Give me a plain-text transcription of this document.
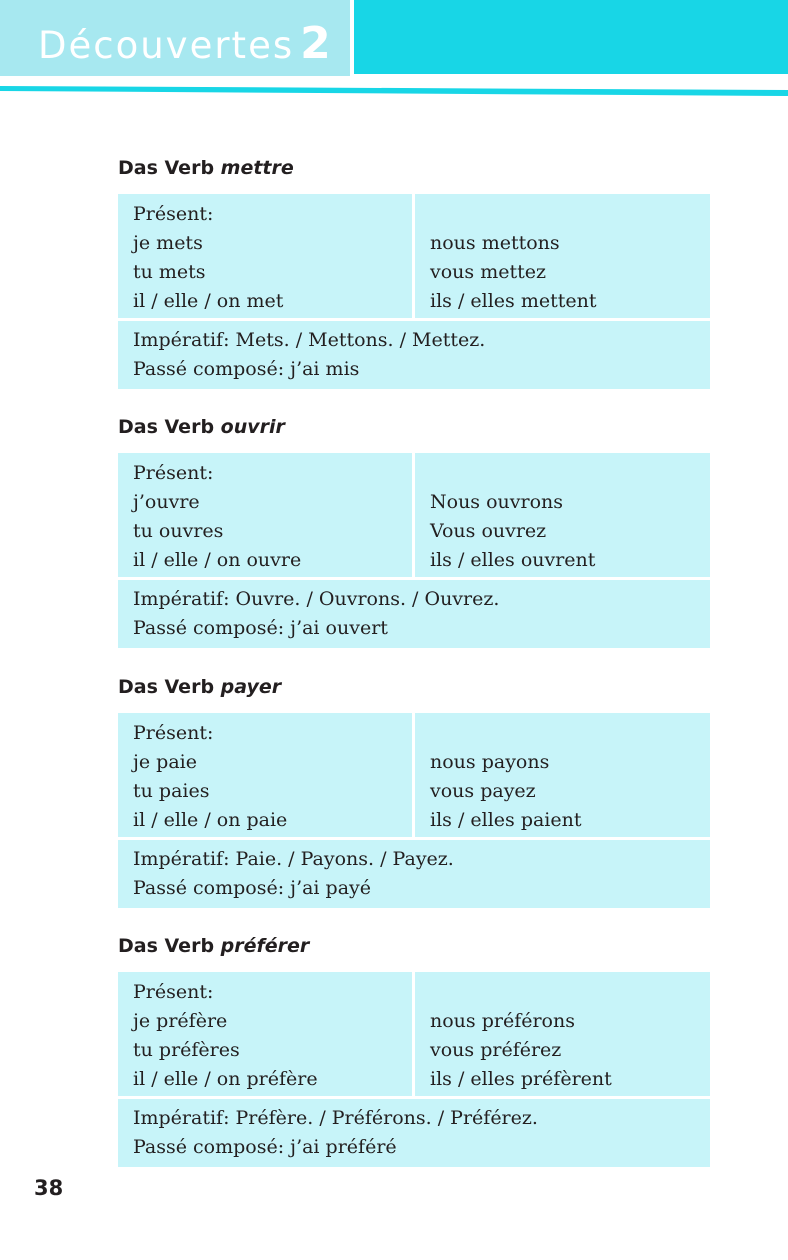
Découvertes 2
Das Verb mettre
Présent:
je mets
tu mets
il / elle / on met
nous mettons
vous mettez
ils / elles mettent
Impératif: Mets. / Mettons. / Mettez.
Passé composé: j’ai mis
Das Verb ouvrir
Présent:
j’ouvre
tu ouvres
il / elle / on ouvre
Nous ouvrons
Vous ouvrez
ils / elles ouvrent
Impératif: Ouvre. / Ouvrons. / Ouvrez.
Passé composé: j’ai ouvert
Das Verb payer
Présent:
je paie
tu paies
il / elle / on paie
nous payons
vous payez
ils / elles paient
Impératif: Paie. / Payons. / Payez.
Passé composé: j’ai payé
Das Verb préférer
Présent:
je préfère
tu préfères
il / elle / on préfère
nous préférons
vous préférez
ils / elles préfèrent
Impératif: Préfère. / Préférons. / Préférez.
Passé composé: j’ai préféré
38
